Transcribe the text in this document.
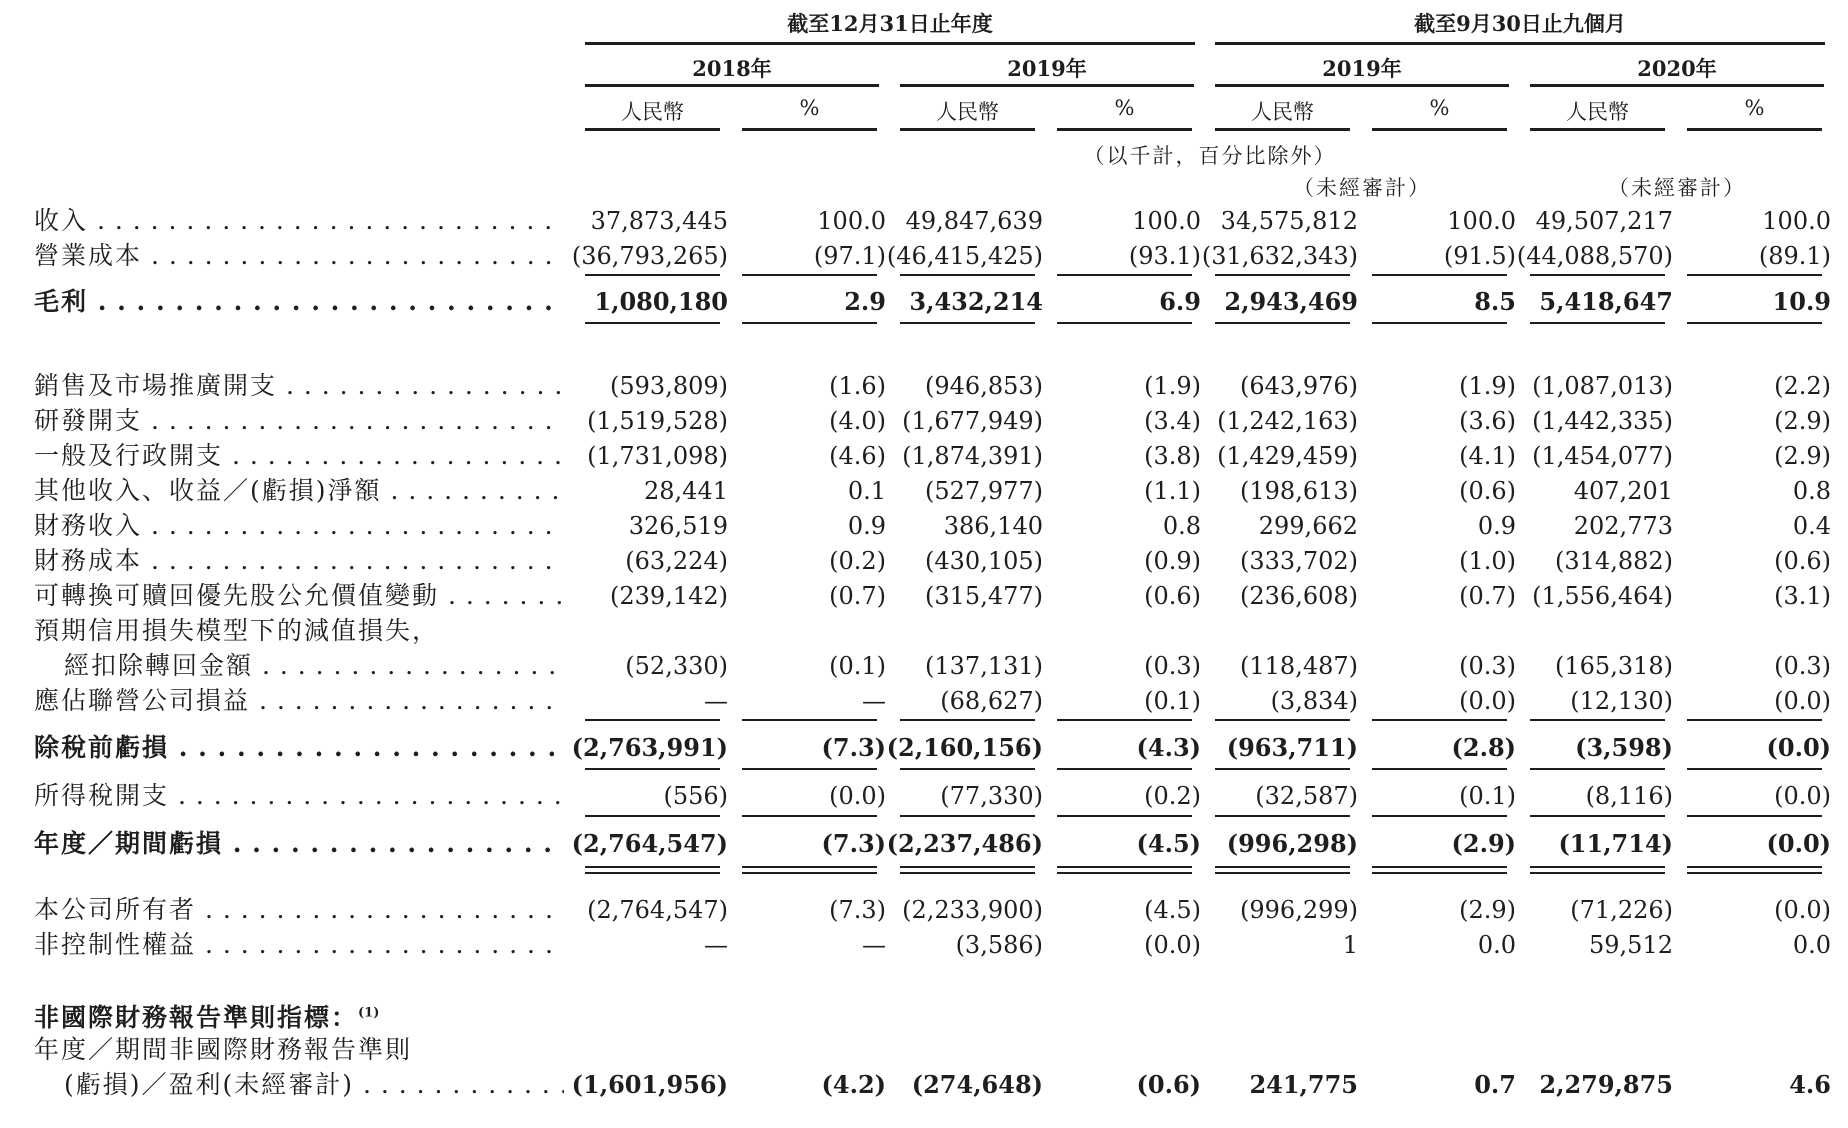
截至12月31日止年度	截至9月30日止九個月
2018年	2019年	2019年	2020年
人民幣	%	人民幣	%	人民幣	%	人民幣	%
（以千計，百分比除外）
（未經審計）	（未經審計）
收入 . . .	37,873,445	100.0 49,847,639	100.0 34,575,812	100.0 49,507,217	100.0
營業成本 . . .	(36,793,265)	(97.1) (46,415,425)	(93.1) (31,632,343)	(91.5) (44,088,570)	(89.1)
毛利 . . .	1,080,180	2.9 3,432,214	6.9 2,943,469	8.5 5,418,647	10.9
銷售及市場推廣開支 . . .	(593,809)	(1.6)	(946,853)	(1.9)	(643,976)	(1.9) (1,087,013)	(2.2)
研發開支 . . .	(1,519,528)	(4.0) (1,677,949)	(3.4) (1,242,163)	(3.6) (1,442,335)	(2.9)
一般及行政開支 . . .	(1,731,098)	(4.6) (1,874,391)	(3.8) (1,429,459)	(4.1) (1,454,077)	(2.9)
其他收入、收益／(虧損)淨額 . . .	28,441	0.1	(527,977)	(1.1)	(198,613)	(0.6)	407,201	0.8
財務收入 . . .	326,519	0.9	386,140	0.8	299,662	0.9	202,773	0.4
財務成本 . . .	(63,224)	(0.2)	(430,105)	(0.9)	(333,702)	(1.0)	(314,882)	(0.6)
可轉換可贖回優先股公允價值變動 . . .	(239,142)	(0.7)	(315,477)	(0.6)	(236,608)	(0.7) (1,556,464)	(3.1)
預期信用損失模型下的減值損失，
經扣除轉回金額 . . .	(52,330)	(0.1)	(137,131)	(0.3)	(118,487)	(0.3)	(165,318)	(0.3)
應佔聯營公司損益 . . .	—	—	(68,627)	(0.1)	(3,834)	(0.0)	(12,130)	(0.0)
除稅前虧損 . . .	(2,763,991)	(7.3) (2,160,156)	(4.3)	(963,711)	(2.8)	(3,598)	(0.0)
所得稅開支 . . .	(556)	(0.0)	(77,330)	(0.2)	(32,587)	(0.1)	(8,116)	(0.0)
年度／期間虧損 . . .	(2,764,547)	(7.3) (2,237,486)	(4.5)	(996,298)	(2.9)	(11,714)	(0.0)
本公司所有者 . . .	(2,764,547)	(7.3) (2,233,900)	(4.5)	(996,299)	(2.9)	(71,226)	(0.0)
非控制性權益 . . .	—	—	(3,586)	(0.0)	1	0.0	59,512	0.0
非國際財務報告準則指標：$^{(1)}$
年度／期間非國際財務報告準則
(虧損)／盈利(未經審計) . . .	(1,601,956)	(4.2)	(274,648)	(0.6)	241,775	0.7 2,279,875	4.6
